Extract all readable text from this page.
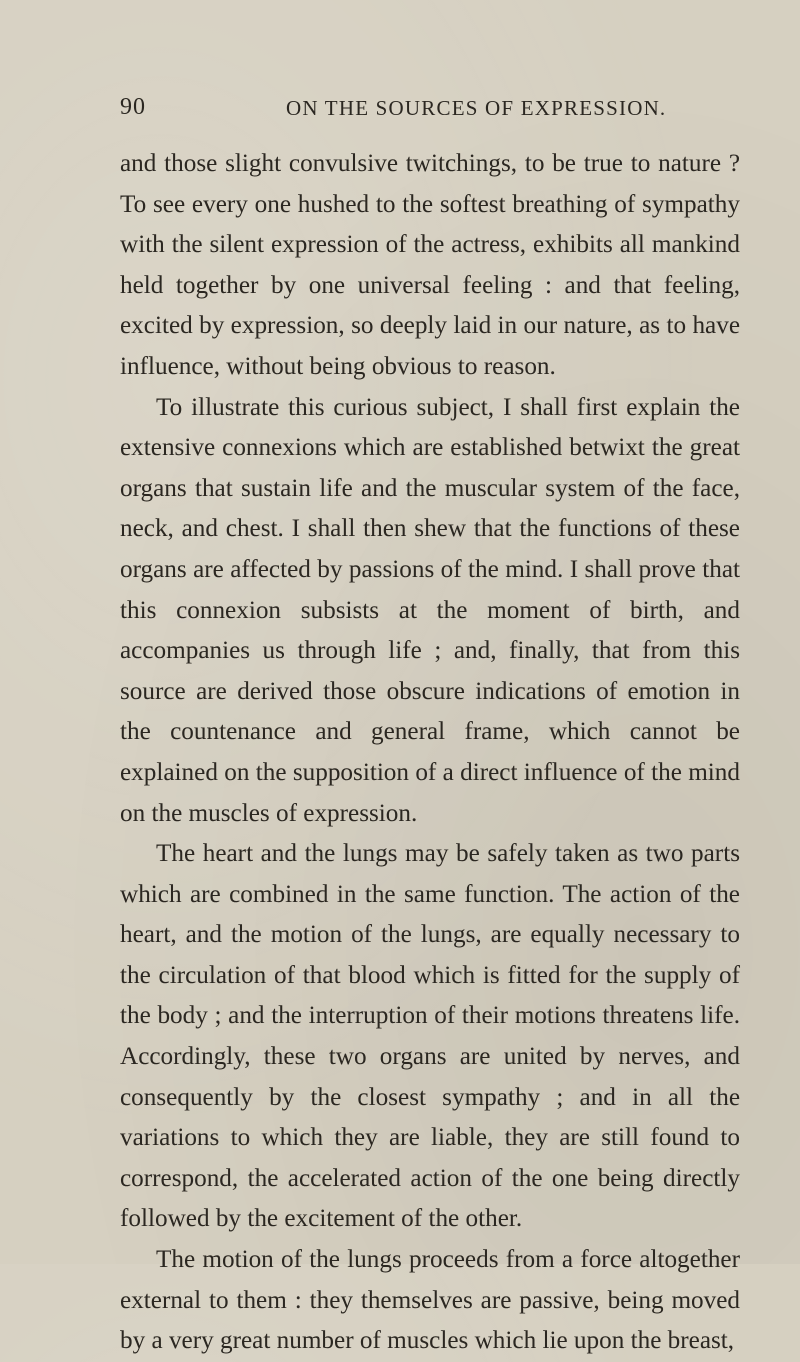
90	ON THE SOURCES OF EXPRESSION.

and those slight convulsive twitchings, to be true to nature ? To see every one hushed to the softest breathing of sympathy with the silent expression of the actress, exhibits all mankind held together by one universal feeling : and that feeling, excited by expression, so deeply laid in our nature, as to have influence, without being obvious to reason.

To illustrate this curious subject, I shall first explain the extensive connexions which are established betwixt the great organs that sustain life and the muscular system of the face, neck, and chest. I shall then shew that the functions of these organs are affected by passions of the mind. I shall prove that this connexion subsists at the moment of birth, and accompanies us through life ; and, finally, that from this source are derived those obscure indications of emotion in the countenance and general frame, which cannot be explained on the supposition of a direct influence of the mind on the muscles of expression.

The heart and the lungs may be safely taken as two parts which are combined in the same function. The action of the heart, and the motion of the lungs, are equally necessary to the circulation of that blood which is fitted for the supply of the body ; and the interruption of their motions threatens life. Accordingly, these two organs are united by nerves, and consequently by the closest sympathy ; and in all the variations to which they are liable, they are still found to correspond, the accelerated action of the one being directly followed by the excitement of the other.

The motion of the lungs proceeds from a force altogether external to them : they themselves are passive, being moved by a very great number of muscles which lie upon the breast,
